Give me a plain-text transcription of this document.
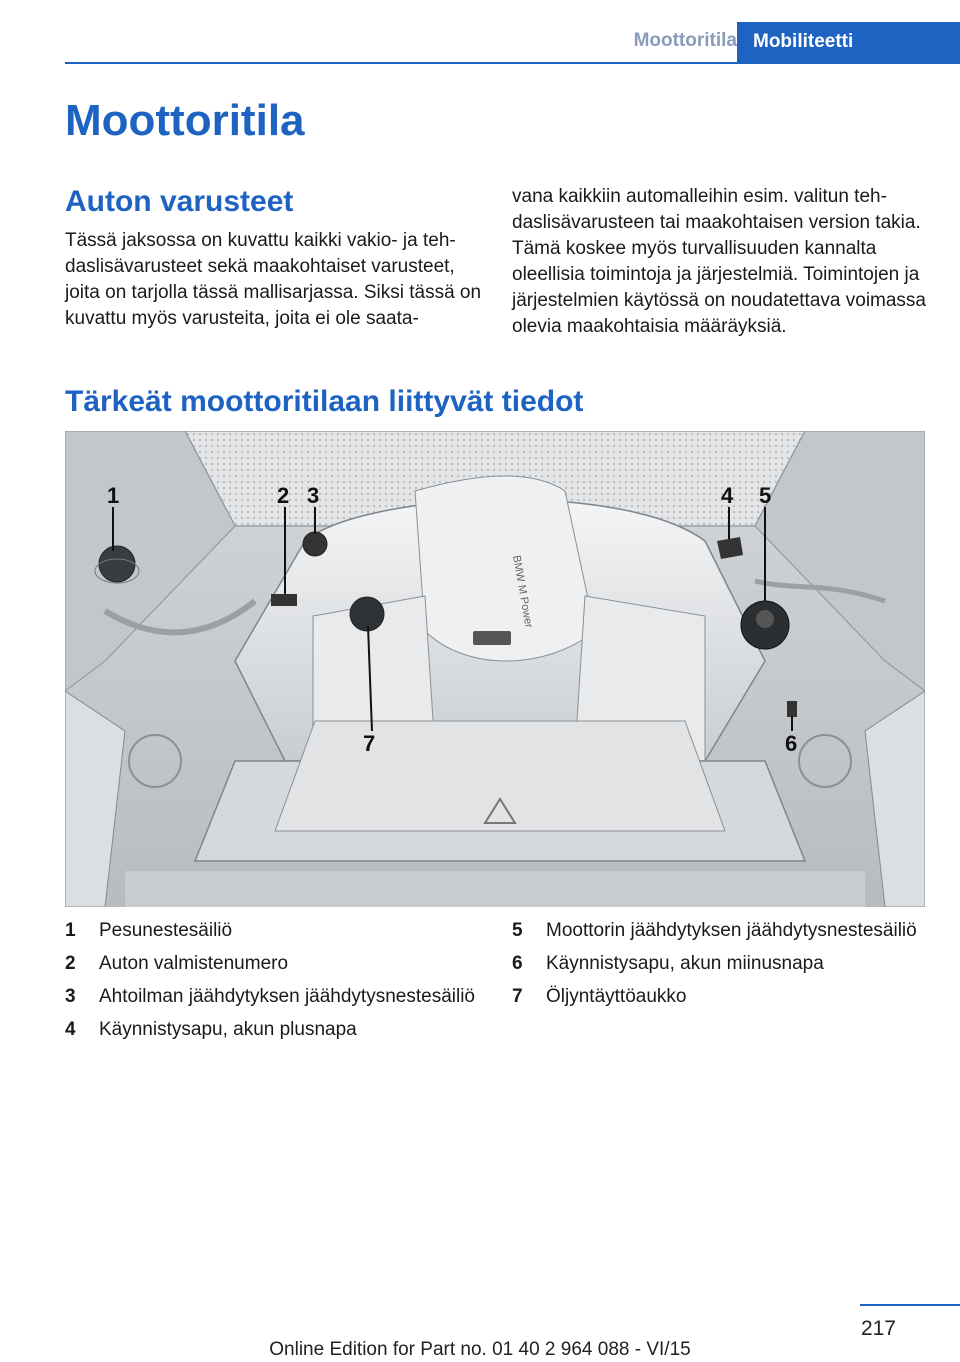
Moottoritila Mobiliteetti
Moottoritila
Auton varusteet

Tässä jaksossa on kuvattu kaikki vakio- ja tehdaslisävarusteet sekä maakohtaiset varusteet, joita on tarjolla tässä mallisarjassa. Siksi tässä on kuvattu myös varusteita, joita ei ole saata-

vana kaikkiin automalleihin esim. valitun tehdaslisävarusteen tai maakohtaisen version takia. Tämä koskee myös turvallisuuden kannalta oleellisia toimintoja ja järjestelmiä. Toimintojen ja järjestelmien käytössä on noudatettava voimassa olevia maakohtaisia määräyksiä.

Tärkeät moottoritilaan liittyvät tiedot
BMW M Power
1	2 3	4 5
6
7
1	Pesunestesäiliö
2	Auton valmistenumero
3	Ahtoilman jäähdytyksen jäähdytysnestesäiliö
4	Käynnistysapu, akun plusnapa
5	Moottorin jäähdytyksen jäähdytysnestesäiliö
6	Käynnistysapu, akun miinusnapa
7	Öljyntäyttöaukko
217
Online Edition for Part no. 01 40 2 964 088 - VI/15
